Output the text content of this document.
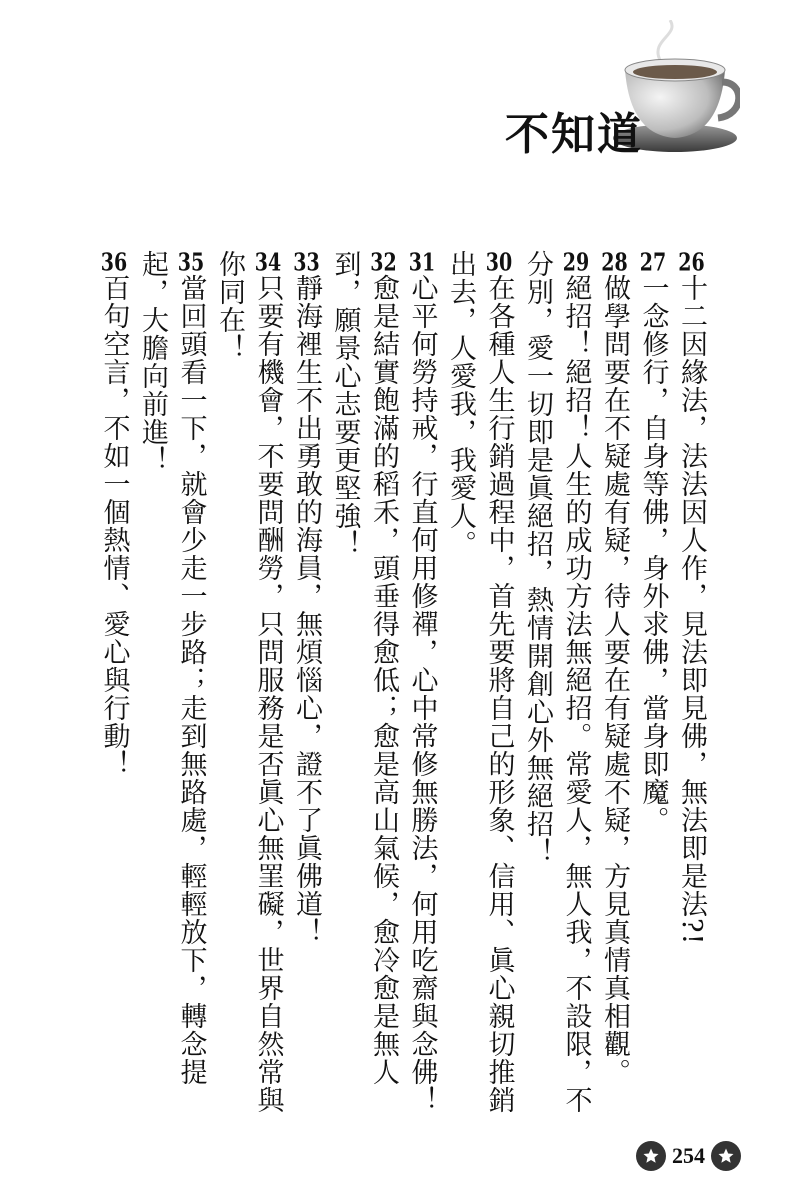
不知道
26十二因緣法，法法因人作，見法即見佛，無法即是法?!
27一念修行，自身等佛，身外求佛，當身即魔。
28做學問要在不疑處有疑，待人要在有疑處不疑，方見真情真相觀。
29絕招！絕招！人生的成功方法無絕招。常愛人，無人我，不設限，不分別，愛一切即是眞絕招，熱情開創心外無絕招！
30在各種人生行銷過程中，首先要將自己的形象、信用、眞心親切推銷出去，人愛我，我愛人。
31心平何勞持戒，行直何用修禪，心中常修無勝法，何用吃齋與念佛！
32愈是結實飽滿的稻禾，頭垂得愈低；愈是高山氣候，愈冷愈是無人到，願景心志要更堅強！
33靜海裡生不出勇敢的海員，無煩惱心，證不了眞佛道！
34只要有機會，不要問酬勞，只問服務是否眞心無罣礙，世界自然常與你同在！
35當回頭看一下，就會少走一步路；走到無路處，輕輕放下，轉念提起，大膽向前進！
36百句空言，不如一個熱情、愛心與行動！
254
